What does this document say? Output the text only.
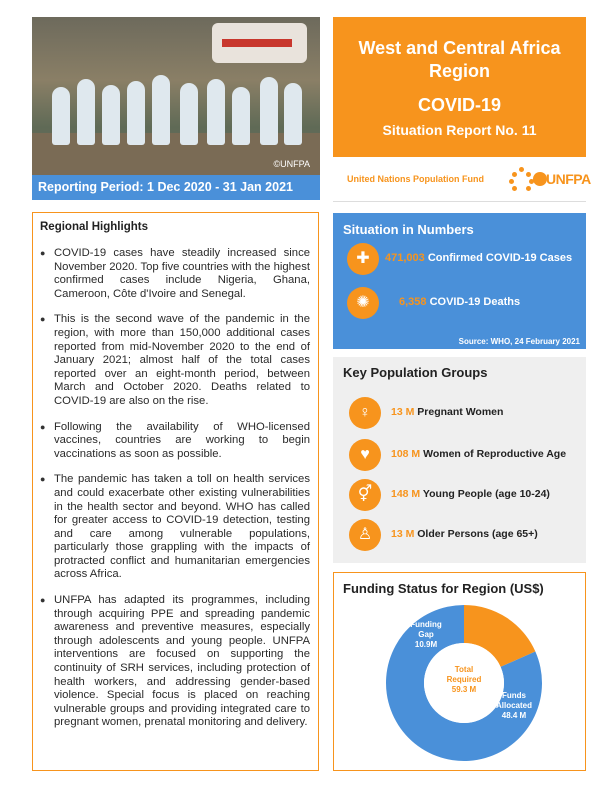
©UNFPA
Reporting Period: 1 Dec 2020 - 31 Jan 2021
West and Central Africa
Region
COVID-19
Situation Report No. 11
United Nations Population Fund	UNFPA
Regional Highlights
● COVID-19 cases have steadily increased since November 2020. Top five countries with the highest confirmed cases include Nigeria, Ghana, Cameroon, Côte d'Ivoire and Senegal.
● This is the second wave of the pandemic in the region, with more than 150,000 additional cases reported from mid-November 2020 to the end of January 2021; almost half of the total cases reported over an eight-month period, between March and October 2020. Deaths related to COVID-19 are also on the rise.
● Following the availability of WHO-licensed vaccines, countries are working to begin vaccinations as soon as possible.
● The pandemic has taken a toll on health services and could exacerbate other existing vulnerabilities in the health sector and beyond. WHO has called for greater access to COVID-19 detection, testing and care among vulnerable populations, particularly those grappling with the impacts of protracted conflict and humanitarian emergencies across Africa.
● UNFPA has adapted its programmes, including through acquiring PPE and spreading pandemic awareness and preventive measures, especially through adolescents and young people. UNFPA interventions are focused on supporting the continuity of SRH services, including protection of health workers, and addressing gender-based violence. Special focus is placed on reaching vulnerable groups and providing integrated care to pregnant women, prenatal monitoring and delivery.
Situation in Numbers
✚	471,003 Confirmed COVID-19 Cases
✺	6,358 COVID-19 Deaths
Source: WHO, 24 February 2021
Key Population Groups
♀	13 M Pregnant Women
♥	108 M Women of Reproductive Age
⚥	148 M Young People (age 10-24)
♙	13 M Older Persons (age 65+)
Funding Status for Region (US$)
Funding Gap
10.9M
Total Required
59.3 M
Funds Allocated
48.4 M
